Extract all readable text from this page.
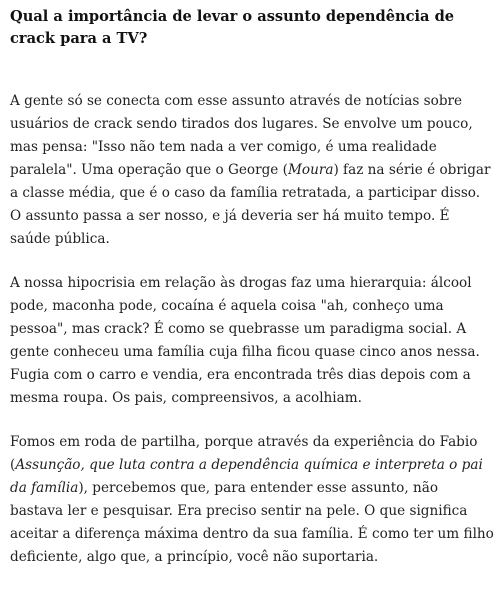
Qual a importância de levar o assunto dependência de crack para a TV?

A gente só se conecta com esse assunto através de notícias sobre usuários de crack sendo tirados dos lugares. Se envolve um pouco, mas pensa: "Isso não tem nada a ver comigo, é uma realidade paralela". Uma operação que o George (Moura) faz na série é obrigar a classe média, que é o caso da família retratada, a participar disso. O assunto passa a ser nosso, e já deveria ser há muito tempo. É saúde pública.

A nossa hipocrisia em relação às drogas faz uma hierarquia: álcool pode, maconha pode, cocaína é aquela coisa "ah, conheço uma pessoa", mas crack? É como se quebrasse um paradigma social. A gente conheceu uma família cuja filha ficou quase cinco anos nessa. Fugia com o carro e vendia, era encontrada três dias depois com a mesma roupa. Os pais, compreensivos, a acolhiam.

Fomos em roda de partilha, porque através da experiência do Fabio (Assunção, que luta contra a dependência química e interpreta o pai da família), percebemos que, para entender esse assunto, não bastava ler e pesquisar. Era preciso sentir na pele. O que significa aceitar a diferença máxima dentro da sua família. É como ter um filho deficiente, algo que, a princípio, você não suportaria.
